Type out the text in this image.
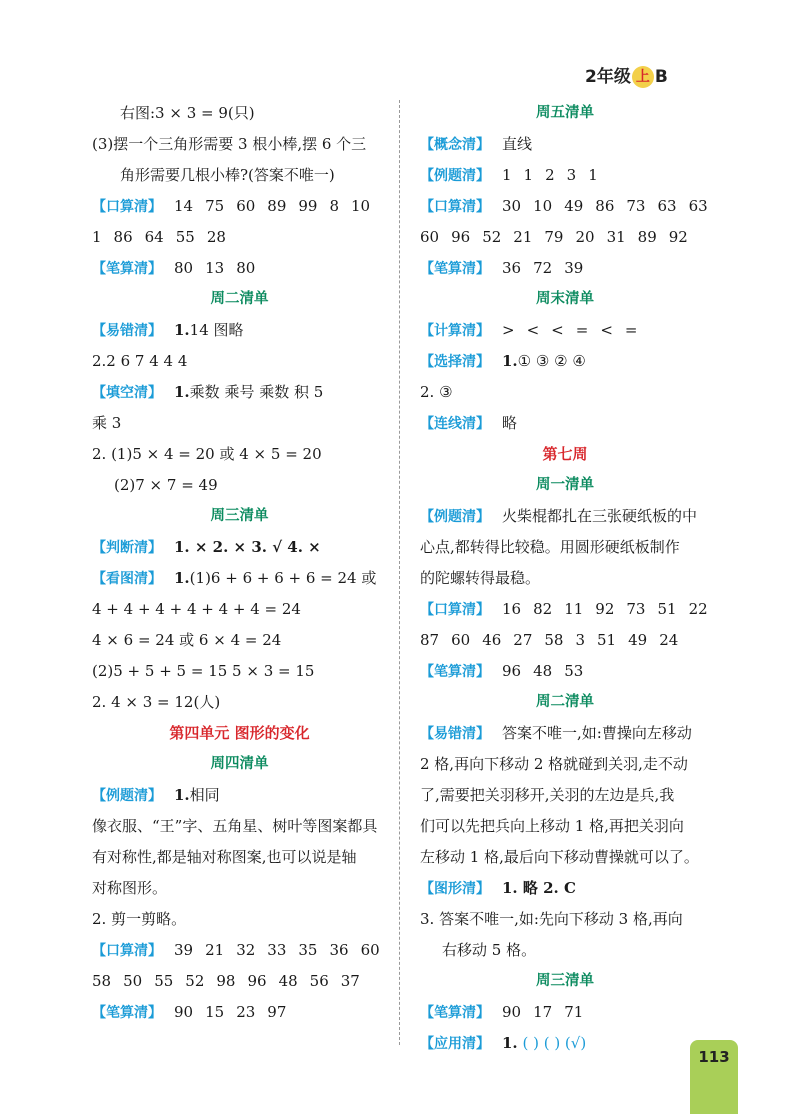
2年级 上 B
右图:3 × 3 = 9(只)
(3)摆一个三角形需要 3 根小棒,摆 6 个三
角形需要几根小棒?(答案不唯一)
【口算清】 14 75 60 89 99 8 10
1 86 64 55 28
【笔算清】 80 13 80
周二清单
【易错清】 1.14 图略
2.2 6 7 4 4 4
【填空清】 1.乘数 乘号 乘数 积 5
乘 3
2. (1)5 × 4 = 20 或 4 × 5 = 20
(2)7 × 7 = 49
周三清单
【判断清】 1. × 2. × 3. √ 4. ×
【看图清】 1.(1)6 + 6 + 6 + 6 = 24 或
4 + 4 + 4 + 4 + 4 + 4 = 24
4 × 6 = 24 或 6 × 4 = 24
(2)5 + 5 + 5 = 15 5 × 3 = 15
2. 4 × 3 = 12(人)
第四单元 图形的变化
周四清单
【例题清】 1.相同
像衣服、“王”字、五角星、树叶等图案都具
有对称性,都是轴对称图案,也可以说是轴
对称图形。
2. 剪一剪略。
【口算清】 39 21 32 33 35 36 60
58 50 55 52 98 96 48 56 37
【笔算清】 90 15 23 97
周五清单
【概念清】 直线
【例题清】 1 1 2 3 1
【口算清】 30 10 49 86 73 63 63
60 96 52 21 79 20 31 89 92
【笔算清】 36 72 39
周末清单
【计算清】 > < < = < =
【选择清】 1.① ③ ② ④
2. ③
【连线清】 略
第七周
周一清单
【例题清】 火柴棍都扎在三张硬纸板的中
心点,都转得比较稳。用圆形硬纸板制作
的陀螺转得最稳。
【口算清】 16 82 11 92 73 51 22
87 60 46 27 58 3 51 49 24
【笔算清】 96 48 53
周二清单
【易错清】 答案不唯一,如:曹操向左移动
2 格,再向下移动 2 格就碰到关羽,走不动
了,需要把关羽移开,关羽的左边是兵,我
们可以先把兵向上移动 1 格,再把关羽向
左移动 1 格,最后向下移动曹操就可以了。
【图形清】 1. 略 2. C
3. 答案不唯一,如:先向下移动 3 格,再向
右移动 5 格。
周三清单
【笔算清】 90 17 71
【应用清】 1. ( ) ( ) (√)
113
